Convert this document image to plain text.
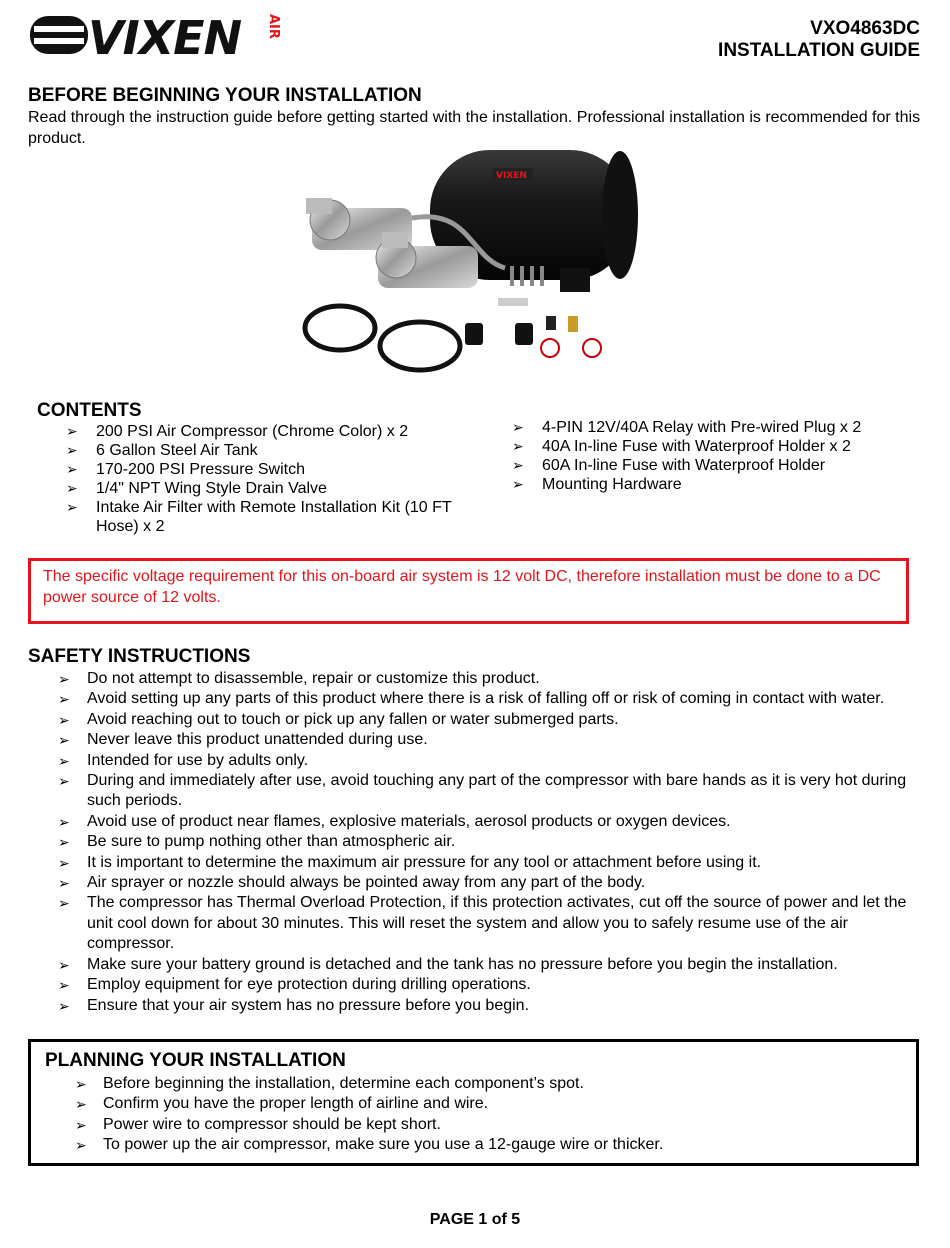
VIXEN AIR	VXO4863DC
INSTALLATION GUIDE
BEFORE BEGINNING YOUR INSTALLATION
Read through the instruction guide before getting started with the installation. Professional installation is recommended for this product.
VIXEN
CONTENTS
➢ 200 PSI Air Compressor (Chrome Color) x 2
➢ 6 Gallon Steel Air Tank
➢ 170-200 PSI Pressure Switch
➢ 1/4" NPT Wing Style Drain Valve
➢ Intake Air Filter with Remote Installation Kit (10 FT Hose) x 2
➢ 4-PIN 12V/40A Relay with Pre-wired Plug x 2
➢ 40A In-line Fuse with Waterproof Holder x 2
➢ 60A In-line Fuse with Waterproof Holder
➢ Mounting Hardware
The specific voltage requirement for this on-board air system is 12 volt DC, therefore installation must be done to a DC power source of 12 volts.
SAFETY INSTRUCTIONS
➢ Do not attempt to disassemble, repair or customize this product.
➢ Avoid setting up any parts of this product where there is a risk of falling off or risk of coming in contact with water.
➢ Avoid reaching out to touch or pick up any fallen or water submerged parts.
➢ Never leave this product unattended during use.
➢ Intended for use by adults only.
➢ During and immediately after use, avoid touching any part of the compressor with bare hands as it is very hot during such periods.
➢ Avoid use of product near flames, explosive materials, aerosol products or oxygen devices.
➢ Be sure to pump nothing other than atmospheric air.
➢ It is important to determine the maximum air pressure for any tool or attachment before using it.
➢ Air sprayer or nozzle should always be pointed away from any part of the body.
➢ The compressor has Thermal Overload Protection, if this protection activates, cut off the source of power and let the unit cool down for about 30 minutes. This will reset the system and allow you to safely resume use of the air compressor.
➢ Make sure your battery ground is detached and the tank has no pressure before you begin the installation.
➢ Employ equipment for eye protection during drilling operations.
➢ Ensure that your air system has no pressure before you begin.
PLANNING YOUR INSTALLATION
➢ Before beginning the installation, determine each component’s spot.
➢ Confirm you have the proper length of airline and wire.
➢ Power wire to compressor should be kept short.
➢ To power up the air compressor, make sure you use a 12-gauge wire or thicker.
PAGE 1 of 5
